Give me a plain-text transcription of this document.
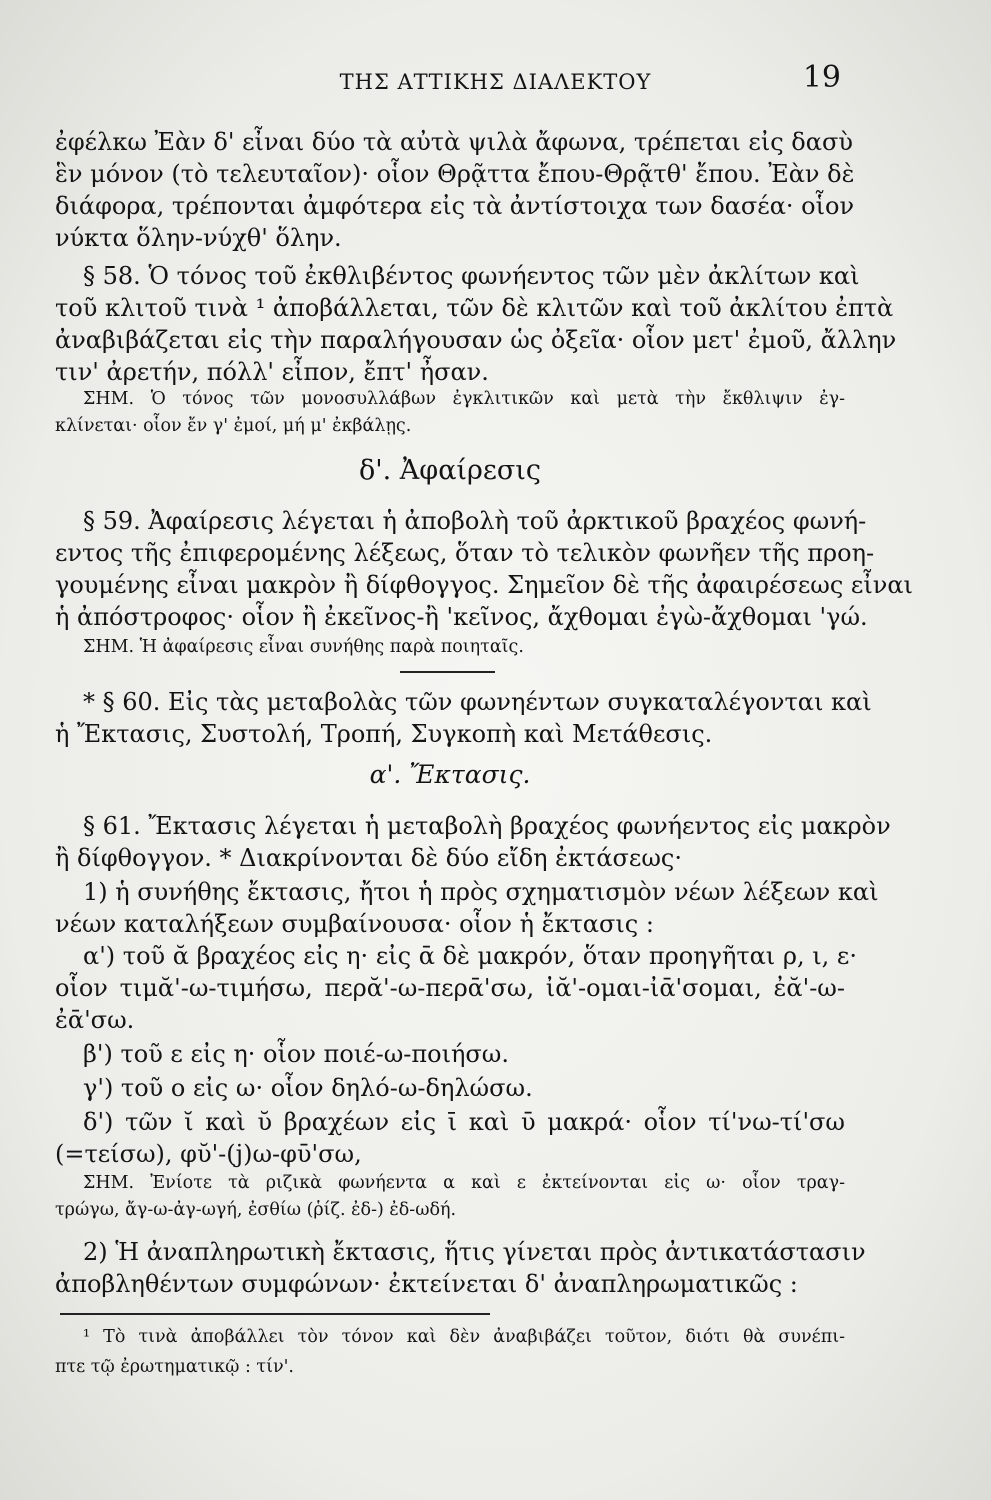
ΤΗΣ ΑΤΤΙΚΗΣ ΔΙΑΛΕΚΤΟΥ	19
ἐφέλκω Ἐὰν δ' εἶναι δύο τὰ αὐτὰ ψιλὰ ἄφωνα, τρέπεται εἰς δασὺ
ἓν μόνον (τὸ τελευταῖον)· οἷον Θρᾷττα ἔπου-Θρᾷτθ' ἔπου. Ἐὰν δὲ
διάφορα, τρέπονται ἀμφότερα εἰς τὰ ἀντίστοιχα των δασέα· οἷον
νύκτα ὅλην-νύχθ' ὅλην.
§ 58. Ὁ τόνος τοῦ ἐκθλιβέντος φωνήεντος τῶν μὲν ἀκλίτων καὶ
τοῦ κλιτοῦ τινὰ ¹ ἀποβάλλεται, τῶν δὲ κλιτῶν καὶ τοῦ ἀκλίτου ἐπτὰ
ἀναβιβάζεται εἰς τὴν παραλήγουσαν ὡς ὀξεῖα· οἷον μετ' ἐμοῦ, ἄλλην
τιν' ἀρετήν, πόλλ' εἶπον, ἔπτ' ἦσαν.
ΣΗΜ. Ὁ τόνος τῶν μονοσυλλάβων ἐγκλιτικῶν καὶ μετὰ τὴν ἔκθλιψιν ἐγ-
κλίνεται· οἷον ἔν γ' ἐμοί, μή μ' ἐκβάλῃς.
δ'. Ἀφαίρεσις
§ 59. Ἀφαίρεσις λέγεται ἡ ἀποβολὴ τοῦ ἀρκτικοῦ βραχέος φωνή-
εντος τῆς ἐπιφερομένης λέξεως, ὅταν τὸ τελικὸν φωνῆεν τῆς προη-
γουμένης εἶναι μακρὸν ἢ δίφθογγος. Σημεῖον δὲ τῆς ἀφαιρέσεως εἶναι
ἡ ἀπόστροφος· οἷον ἢ ἐκεῖνος-ἢ 'κεῖνος, ἄχθομαι ἐγὼ-ἄχθομαι 'γώ.
ΣΗΜ. Ἡ ἀφαίρεσις εἶναι συνήθης παρὰ ποιηταῖς.
* § 60. Εἰς τὰς μεταβολὰς τῶν φωνηέντων συγκαταλέγονται καὶ
ἡ Ἔκτασις, Συστολή, Τροπή, Συγκοπὴ καὶ Μετάθεσις.
α'. Ἔκτασις.
§ 61. Ἔκτασις λέγεται ἡ μεταβολὴ βραχέος φωνήεντος εἰς μακρὸν
ἢ δίφθογγον. * Διακρίνονται δὲ δύο εἴδη ἐκτάσεως·
1) ἡ συνήθης ἔκτασις, ἤτοι ἡ πρὸς σχηματισμὸν νέων λέξεων καὶ
νέων καταλήξεων συμβαίνουσα· οἷον ἡ ἔκτασις :
α') τοῦ ᾰ βραχέος εἰς η· εἰς ᾱ δὲ μακρόν, ὅταν προηγῆται ρ, ι, ε·
οἷον τιμᾰ'-ω-τιμήσω, περᾰ'-ω-περᾱ'σω, ἰᾰ'-ομαι-ἰᾱ'σομαι, ἐᾰ'-ω-
ἐᾱ'σω.
β') τοῦ ε εἰς η· οἷον ποιέ-ω-ποιήσω.
γ') τοῦ ο εἰς ω· οἷον δηλό-ω-δηλώσω.
δ') τῶν ῐ καὶ ῠ βραχέων εἰς ῑ καὶ ῡ μακρά· οἷον τί'νω-τί'σω
(=τείσω), φῠ'-(j)ω-φῡ'σω,
ΣΗΜ. Ἐνίοτε τὰ ριζικὰ φωνήεντα α καὶ ε ἐκτείνονται εἰς ω· οἷον τραγ-
τρώγω, ἄγ-ω-ἀγ-ωγή, ἐσθίω (ῥίζ. ἐδ-) ἐδ-ωδή.
2) Ἡ ἀναπληρωτικὴ ἔκτασις, ἥτις γίνεται πρὸς ἀντικατάστασιν
ἀποβληθέντων συμφώνων· ἐκτείνεται δ' ἀναπληρωματικῶς :
¹ Τὸ τινὰ ἀποβάλλει τὸν τόνον καὶ δὲν ἀναβιβάζει τοῦτον, διότι θὰ συνέπι-
πτε τῷ ἐρωτηματικῷ : τίν'.
